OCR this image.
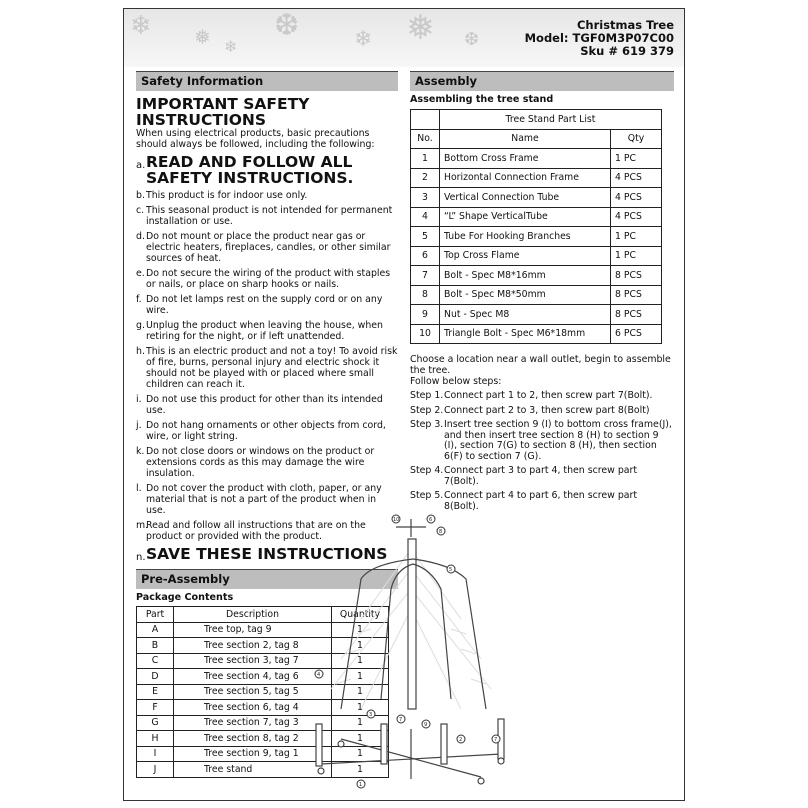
❄ ❅ ❆ ❄ ❅ ❆
❄
Christmas Tree
Model: TGF0M3P07C00
Sku # 619 379
Safety Information
IMPORTANT SAFETY
INSTRUCTIONS
When using electrical products, basic precautions should always be followed, including the following:
a. READ AND FOLLOW ALL SAFETY INSTRUCTIONS.
b. This product is for indoor use only.
c. This seasonal product is not intended for permanent installation or use.
d. Do not mount or place the product near gas or electric heaters, fireplaces, candles, or other similar sources of heat.
e. Do not secure the wiring of the product with staples or nails, or place on sharp hooks or nails.
f. Do not let lamps rest on the supply cord or on any wire.
g. Unplug the product when leaving the house, when retiring for the night, or if left unattended.
h. This is an electric product and not a toy! To avoid risk of fire, burns, personal injury and electric shock it should not be played with or placed where small children can reach it.
i. Do not use this product for other than its intended use.
j. Do not hang ornaments or other objects from cord, wire, or light string.
k. Do not close doors or windows on the product or extensions cords as this may damage the wire insulation.
l. Do not cover the product with cloth, paper, or any material that is not a part of the product when in use.
m.
Read and follow all instructions that are on the product or provided with the product.
n. SAVE THESE INSTRUCTIONS
Pre-Assembly
Package Contents
Part	Description	Quantity
A	Tree top, tag 9	1
B	Tree section 2, tag 8	1
C	Tree section 3, tag 7	1
D	Tree section 4, tag 6	1
E	Tree section 5, tag 5	1
F	Tree section 6, tag 4	1
G	Tree section 7, tag 3	1
H	Tree section 8, tag 2	1
I	Tree section 9, tag 1	1
J	Tree stand	1
Assembly
Assembling the tree stand
	Tree Stand Part List	
No.	Name	Qty
1	Bottom Cross Frame	1 PC
2	Horizontal Connection Frame	4 PCS
3	Vertical Connection Tube	4 PCS
4	“L” Shape VerticalTube	4 PCS
5	Tube For Hooking Branches	1 PC
6	Top Cross Flame	1 PC
7	Bolt - Spec M8*16mm	8 PCS
8	Bolt - Spec M8*50mm	8 PCS
9	Nut - Spec M8	8 PCS
10	Triangle Bolt - Spec M6*18mm	6 PCS
Choose a location near a wall outlet, begin to assemble the tree.
Follow below steps:
Step 1. Connect part 1 to 2, then screw part 7(Bolt).
Step 2. Connect part 2 to 3, then screw part 8(Bolt)
Step 3. Insert tree section 9 (I) to bottom cross frame(J), and then insert tree section 8 (H) to section 9 (I), section 7(G) to section 8 (H), then section 6(F) to section 7 (G).
Step 4. Connect part 3 to part 4, then screw part 7(Bolt).
Step 5. Connect part 4 to part 6, then screw part 8(Bolt).
6
8
10
5
4
3
7
9
1
2	7
